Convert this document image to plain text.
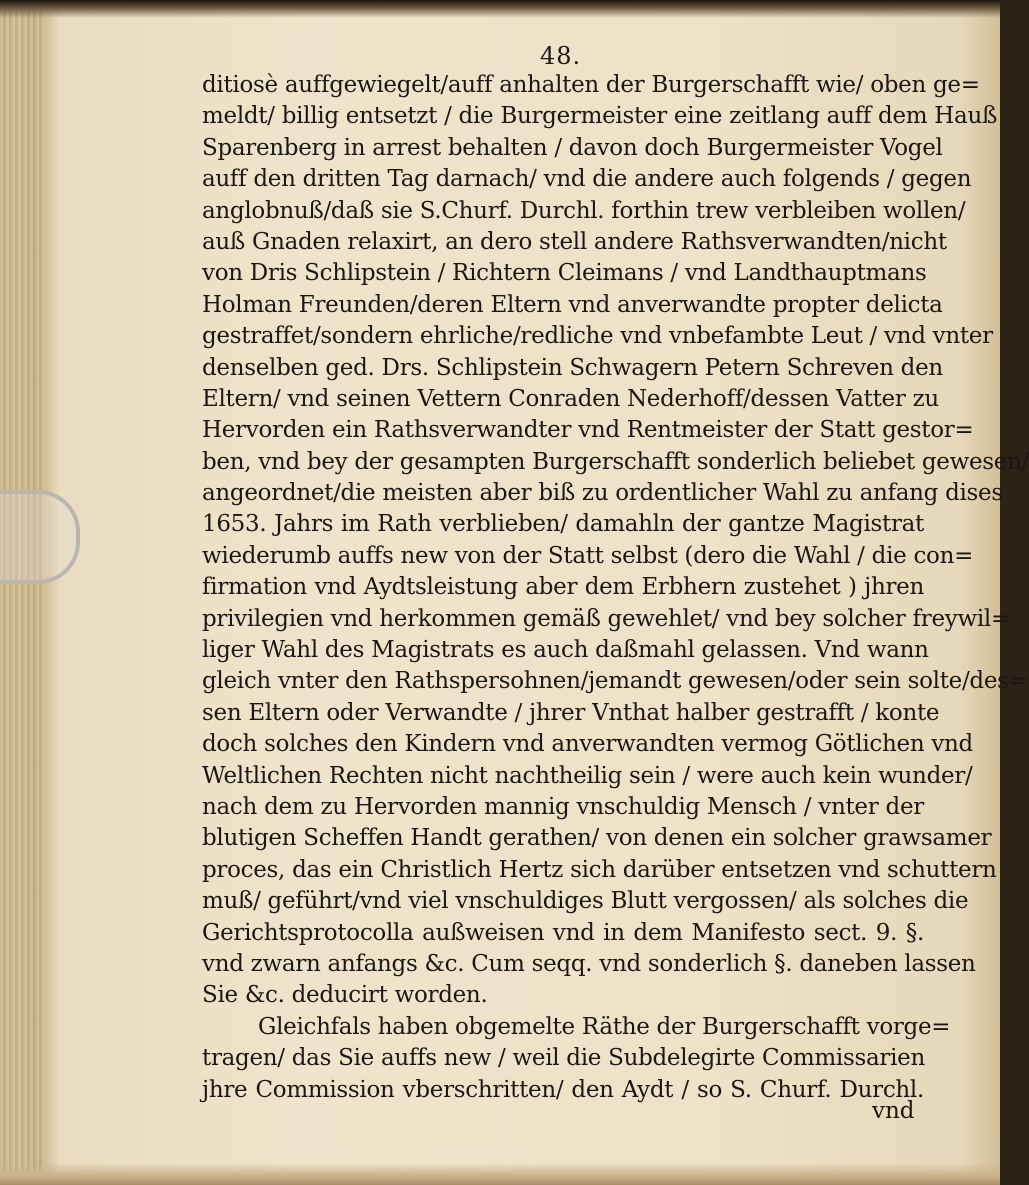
48.
ditiosè auffgewiegelt/auff anhalten der Burgerschafft wie/ oben ge=
meldt/ billig entsetzt / die Burgermeister eine zeitlang auff dem Hauß
Sparenberg in arrest behalten / davon doch Burgermeister Vogel
auff den dritten Tag darnach/ vnd die andere auch folgends / gegen
anglobnuß/daß sie S.Churf. Durchl. forthin trew verbleiben wollen/
auß Gnaden relaxirt, an dero stell andere Rathsverwandten/nicht
von Dris Schlipstein / Richtern Cleimans / vnd Landthauptmans
Holman Freunden/deren Eltern vnd anverwandte propter delicta
gestraffet/sondern ehrliche/redliche vnd vnbefambte Leut / vnd vnter
denselben ged. Drs. Schlipstein Schwagern Petern Schreven den
Eltern/ vnd seinen Vettern Conraden Nederhoff/dessen Vatter zu
Hervorden ein Rathsverwandter vnd Rentmeister der Statt gestor=
ben, vnd bey der gesampten Burgerschafft sonderlich beliebet gewesen/
angeordnet/die meisten aber biß zu ordentlicher Wahl zu anfang dises
1653. Jahrs im Rath verblieben/ damahln der gantze Magistrat
wiederumb auffs new von der Statt selbst (dero die Wahl / die con=
firmation vnd Aydtsleistung aber dem Erbhern zustehet ) jhren
privilegien vnd herkommen gemäß gewehlet/ vnd bey solcher freywil=
liger Wahl des Magistrats es auch daßmahl gelassen. Vnd wann
gleich vnter den Rathspersohnen/jemandt gewesen/oder sein solte/des=
sen Eltern oder Verwandte / jhrer Vnthat halber gestrafft / konte
doch solches den Kindern vnd anverwandten vermog Götlichen vnd
Weltlichen Rechten nicht nachtheilig sein / were auch kein wunder/
nach dem zu Hervorden mannig vnschuldig Mensch / vnter der
blutigen Scheffen Handt gerathen/ von denen ein solcher grawsamer
proces, das ein Christlich Hertz sich darüber entsetzen vnd schuttern
muß/ geführt/vnd viel vnschuldiges Blutt vergossen/ als solches die
Gerichtsprotocolla außweisen vnd in dem Manifesto sect. 9. §.
vnd zwarn anfangs &c. Cum seqq. vnd sonderlich §. daneben lassen
Sie &c. deducirt worden.
Gleichfals haben obgemelte Räthe der Burgerschafft vorge=
tragen/ das Sie auffs new / weil die Subdelegirte Commissarien
jhre Commission vberschritten/ den Aydt / so S. Churf. Durchl.
vnd
